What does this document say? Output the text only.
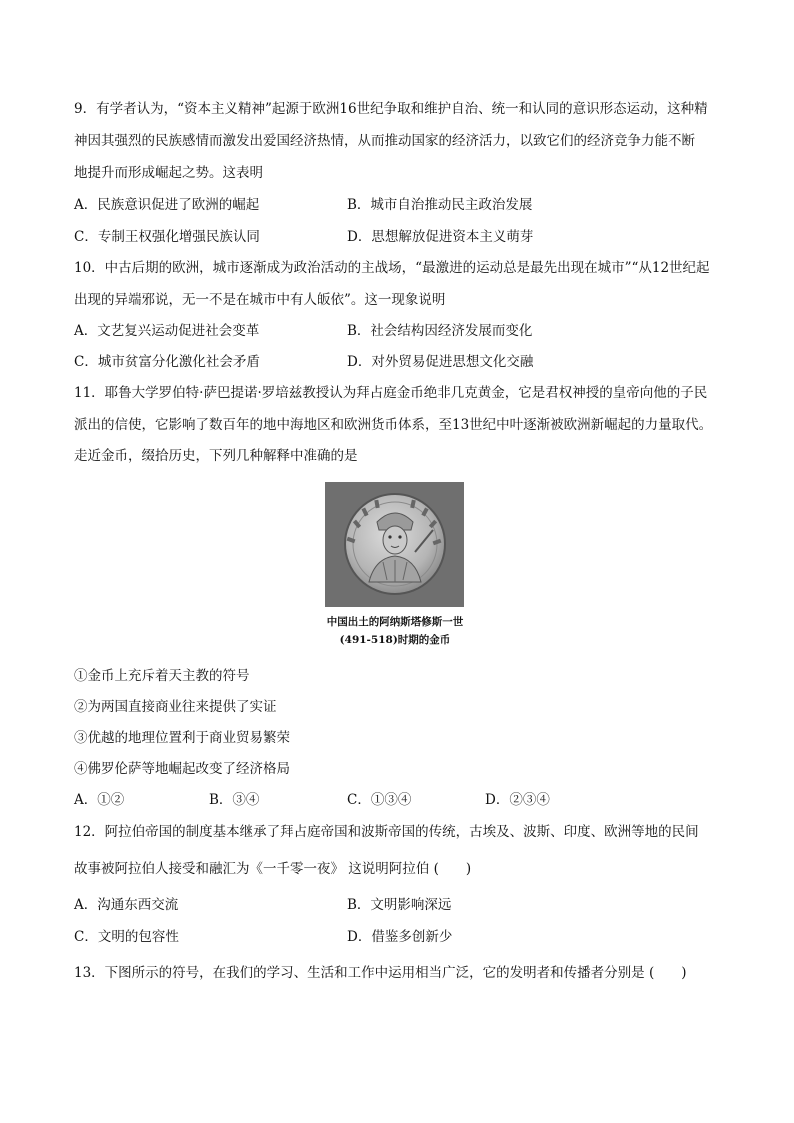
9．有学者认为，“资本主义精神”起源于欧洲16世纪争取和维护自治、统一和认同的意识形态运动，这种精
神因其强烈的民族感情而激发出爱国经济热情，从而推动国家的经济活力，以致它们的经济竞争力能不断
地提升而形成崛起之势。这表明
A．民族意识促进了欧洲的崛起	B．城市自治推动民主政治发展
C．专制王权强化增强民族认同	D．思想解放促进资本主义萌芽
10．中古后期的欧洲，城市逐渐成为政治活动的主战场，“最激进的运动总是最先出现在城市”“从12世纪起
出现的异端邪说，无一不是在城市中有人皈依”。这一现象说明
A．文艺复兴运动促进社会变革	B．社会结构因经济发展而变化
C．城市贫富分化激化社会矛盾	D．对外贸易促进思想文化交融
11．耶鲁大学罗伯特·萨巴提诺·罗培兹教授认为拜占庭金币绝非几克黄金，它是君权神授的皇帝向他的子民
派出的信使，它影响了数百年的地中海地区和欧洲货币体系，至13世纪中叶逐渐被欧洲新崛起的力量取代。
走近金币，缀拾历史，下列几种解释中准确的是
中国出土的阿纳斯塔修斯一世
(491-518)时期的金币
①金币上充斥着天主教的符号
②为两国直接商业往来提供了实证
③优越的地理位置利于商业贸易繁荣
④佛罗伦萨等地崛起改变了经济格局
A．①②	B．③④	C．①③④	D．②③④
12．阿拉伯帝国的制度基本继承了拜占庭帝国和波斯帝国的传统，古埃及、波斯、印度、欧洲等地的民间
故事被阿拉伯人接受和融汇为《一千零一夜》 这说明阿拉伯 (　　)
A．沟通东西交流	B．文明影响深远
C．文明的包容性	D．借鉴多创新少
13．下图所示的符号，在我们的学习、生活和工作中运用相当广泛，它的发明者和传播者分别是 (　　)
